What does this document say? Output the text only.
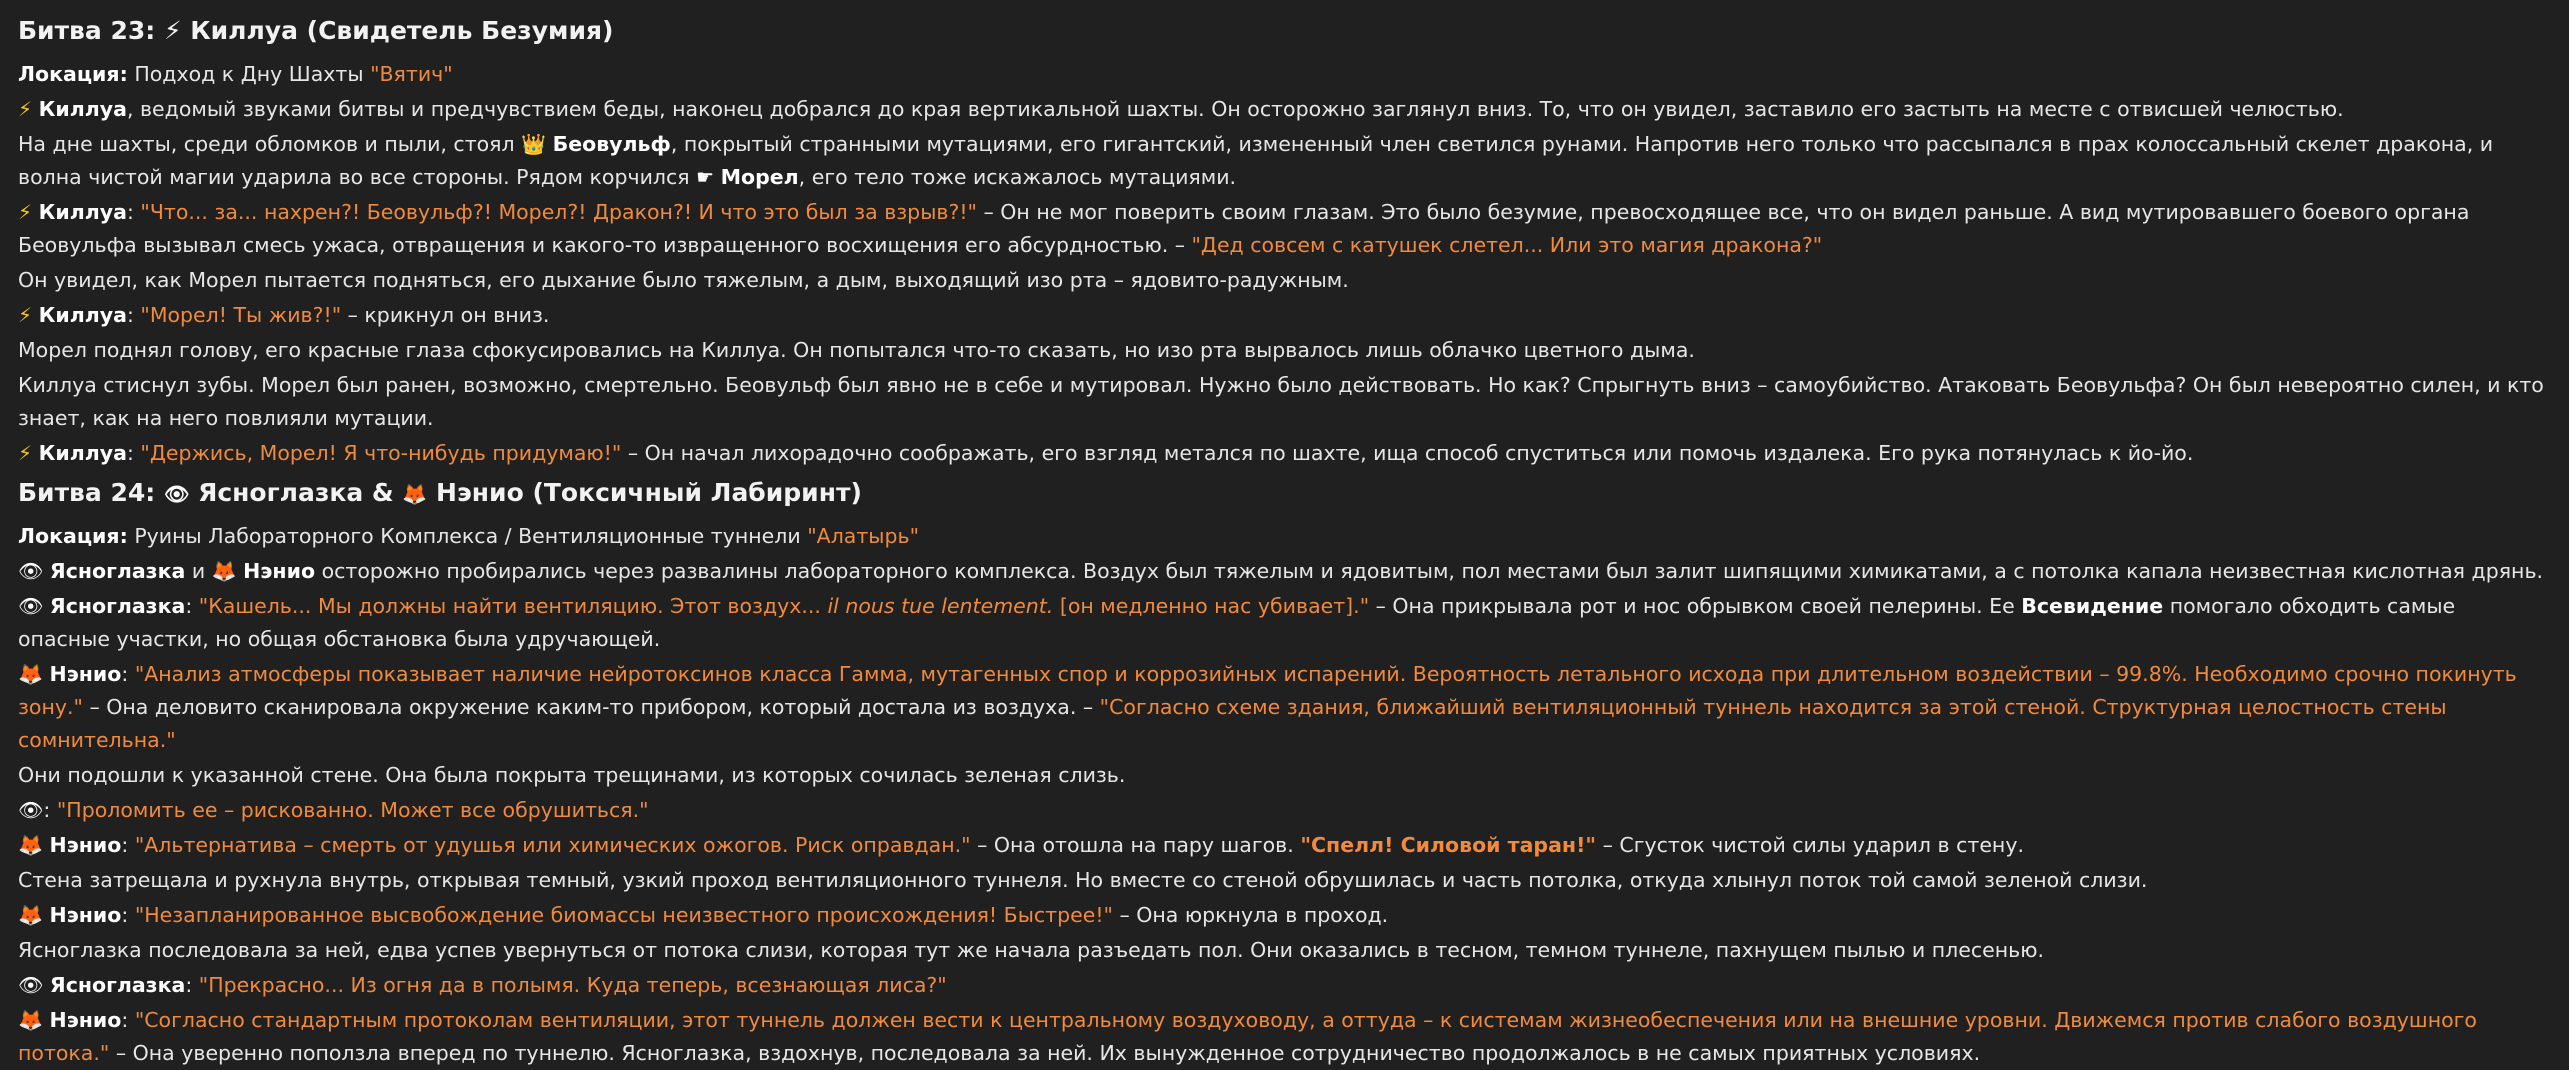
Битва 23: ⚡ Киллуа (Свидетель Безумия)

Локация: Подход к Дну Шахты "Вятич"

⚡ Киллуа, ведомый звуками битвы и предчувствием беды, наконец добрался до края вертикальной шахты. Он осторожно заглянул вниз. То, что он увидел, заставило его застыть на месте с отвисшей челюстью.

На дне шахты, среди обломков и пыли, стоял 👑 Беовульф, покрытый странными мутациями, его гигантский, измененный член светился рунами. Напротив него только что рассыпался в прах колоссальный скелет дракона, и волна чистой магии ударила во все стороны. Рядом корчился ☛ Морел, его тело тоже искажалось мутациями.

⚡ Киллуа: "Что... за... нахрен?! Беовульф?! Морел?! Дракон?! И что это был за взрыв?!" – Он не мог поверить своим глазам. Это было безумие, превосходящее все, что он видел раньше. А вид мутировавшего боевого органа Беовульфа вызывал смесь ужаса, отвращения и какого-то извращенного восхищения его абсурдностью. – "Дед совсем с катушек слетел... Или это магия дракона?"

Он увидел, как Морел пытается подняться, его дыхание было тяжелым, а дым, выходящий изо рта – ядовито-радужным.

⚡ Киллуа: "Морел! Ты жив?!" – крикнул он вниз.

Морел поднял голову, его красные глаза сфокусировались на Киллуа. Он попытался что-то сказать, но изо рта вырвалось лишь облачко цветного дыма.

Киллуа стиснул зубы. Морел был ранен, возможно, смертельно. Беовульф был явно не в себе и мутировал. Нужно было действовать. Но как? Спрыгнуть вниз – самоубийство. Атаковать Беовульфа? Он был невероятно силен, и кто знает, как на него повлияли мутации.

⚡ Киллуа: "Держись, Морел! Я что-нибудь придумаю!" – Он начал лихорадочно соображать, его взгляд метался по шахте, ища способ спуститься или помочь издалека. Его рука потянулась к йо-йо.

Битва 24: 👁 Ясноглазка & 🦊 Нэнио (Токсичный Лабиринт)

Локация: Руины Лабораторного Комплекса / Вентиляционные туннели "Алатырь"

👁 Ясноглазка и 🦊 Нэнио осторожно пробирались через развалины лабораторного комплекса. Воздух был тяжелым и ядовитым, пол местами был залит шипящими химикатами, а с потолка капала неизвестная кислотная дрянь.

👁 Ясноглазка: "Кашель... Мы должны найти вентиляцию. Этот воздух... il nous tue lentement. [он медленно нас убивает]." – Она прикрывала рот и нос обрывком своей пелерины. Ее Всевидение помогало обходить самые опасные участки, но общая обстановка была удручающей.

🦊 Нэнио: "Анализ атмосферы показывает наличие нейротоксинов класса Гамма, мутагенных спор и коррозийных испарений. Вероятность летального исхода при длительном воздействии – 99.8%. Необходимо срочно покинуть зону." – Она деловито сканировала окружение каким-то прибором, который достала из воздуха. – "Согласно схеме здания, ближайший вентиляционный туннель находится за этой стеной. Структурная целостность стены сомнительна."

Они подошли к указанной стене. Она была покрыта трещинами, из которых сочилась зеленая слизь.

👁: "Проломить ее – рискованно. Может все обрушиться."

🦊 Нэнио: "Альтернатива – смерть от удушья или химических ожогов. Риск оправдан." – Она отошла на пару шагов. "Спелл! Силовой таран!" – Сгусток чистой силы ударил в стену.

Стена затрещала и рухнула внутрь, открывая темный, узкий проход вентиляционного туннеля. Но вместе со стеной обрушилась и часть потолка, откуда хлынул поток той самой зеленой слизи.

🦊 Нэнио: "Незапланированное высвобождение биомассы неизвестного происхождения! Быстрее!" – Она юркнула в проход.

Ясноглазка последовала за ней, едва успев увернуться от потока слизи, которая тут же начала разъедать пол. Они оказались в тесном, темном туннеле, пахнущем пылью и плесенью.

👁 Ясноглазка: "Прекрасно... Из огня да в полымя. Куда теперь, всезнающая лиса?"

🦊 Нэнио: "Согласно стандартным протоколам вентиляции, этот туннель должен вести к центральному воздуховоду, а оттуда – к системам жизнеобеспечения или на внешние уровни. Движемся против слабого воздушного потока." – Она уверенно поползла вперед по туннелю. Ясноглазка, вздохнув, последовала за ней. Их вынужденное сотрудничество продолжалось в не самых приятных условиях.
